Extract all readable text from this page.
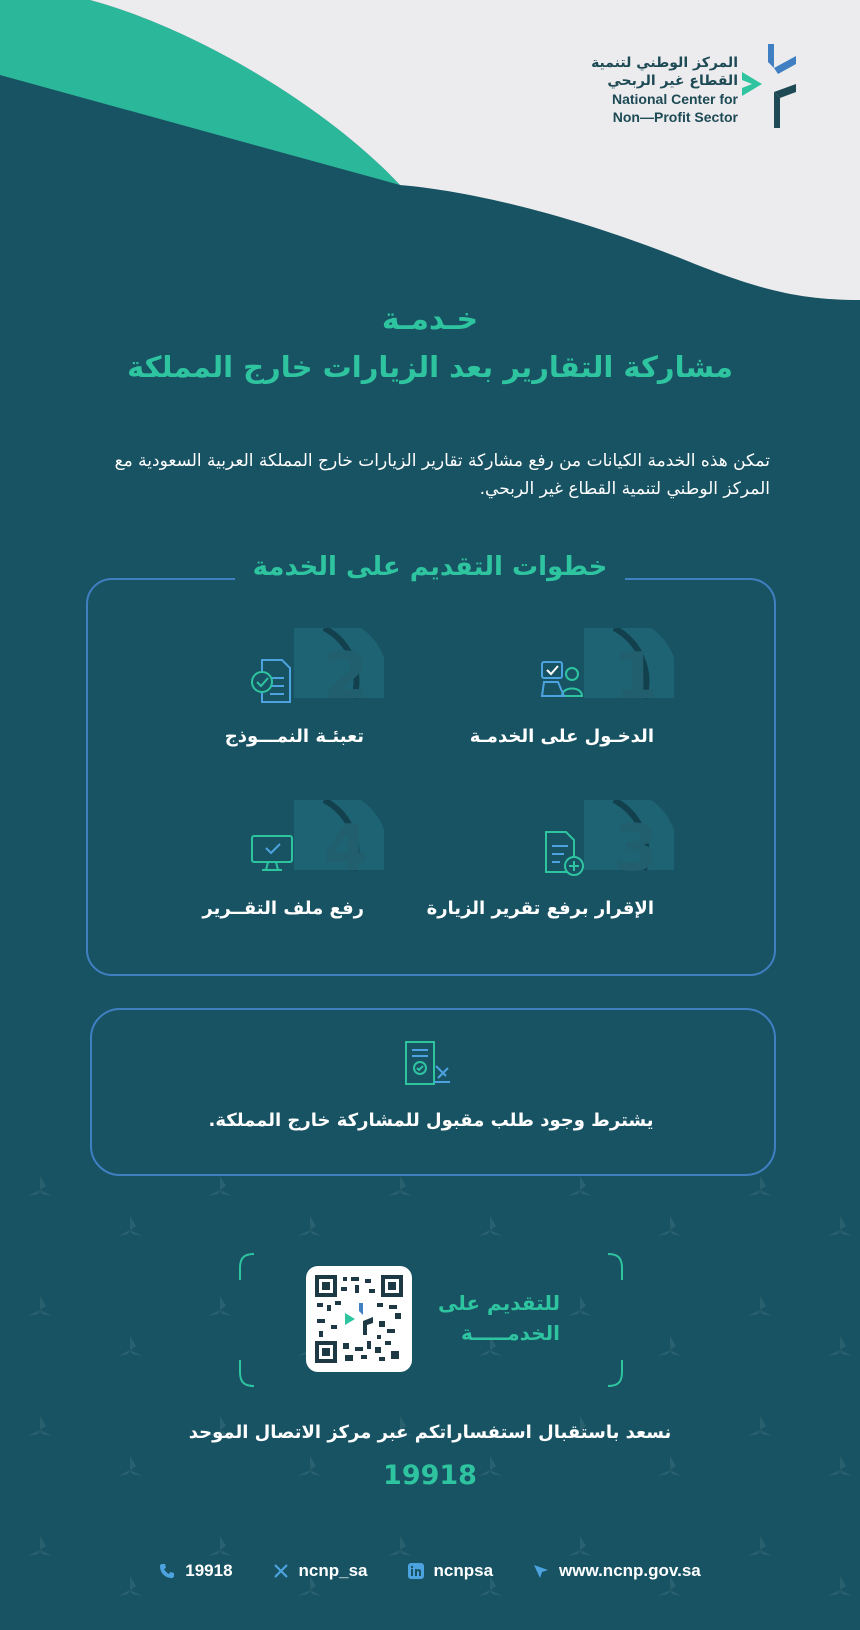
المركز الوطني لتنمية
القطاع غير الربحي
National Center for
Non—Profit Sector
خـدمـة
مشاركة التقارير بعد الزيارات خارج المملكة
تمكن هذه الخدمة الكيانات من رفع مشاركة تقارير الزيارات خارج المملكة العربية السعودية مع المركز الوطني لتنمية القطاع غير الربحي.
خطوات التقديم على الخدمة
1
الدخـول على الخدمـة
2
تعبئـة النمـــوذج
3
الإقرار برفع تقرير الزيارة
4
رفع ملف التقــرير
يشترط وجود طلب مقبول للمشاركة خارج المملكة.
للتقديم على
الخدمـــــة
نسعد باستقبال استفساراتكم عبر مركز الاتصال الموحد
19918
19918	ncnp_sa	ncnpsa	www.ncnp.gov.sa
